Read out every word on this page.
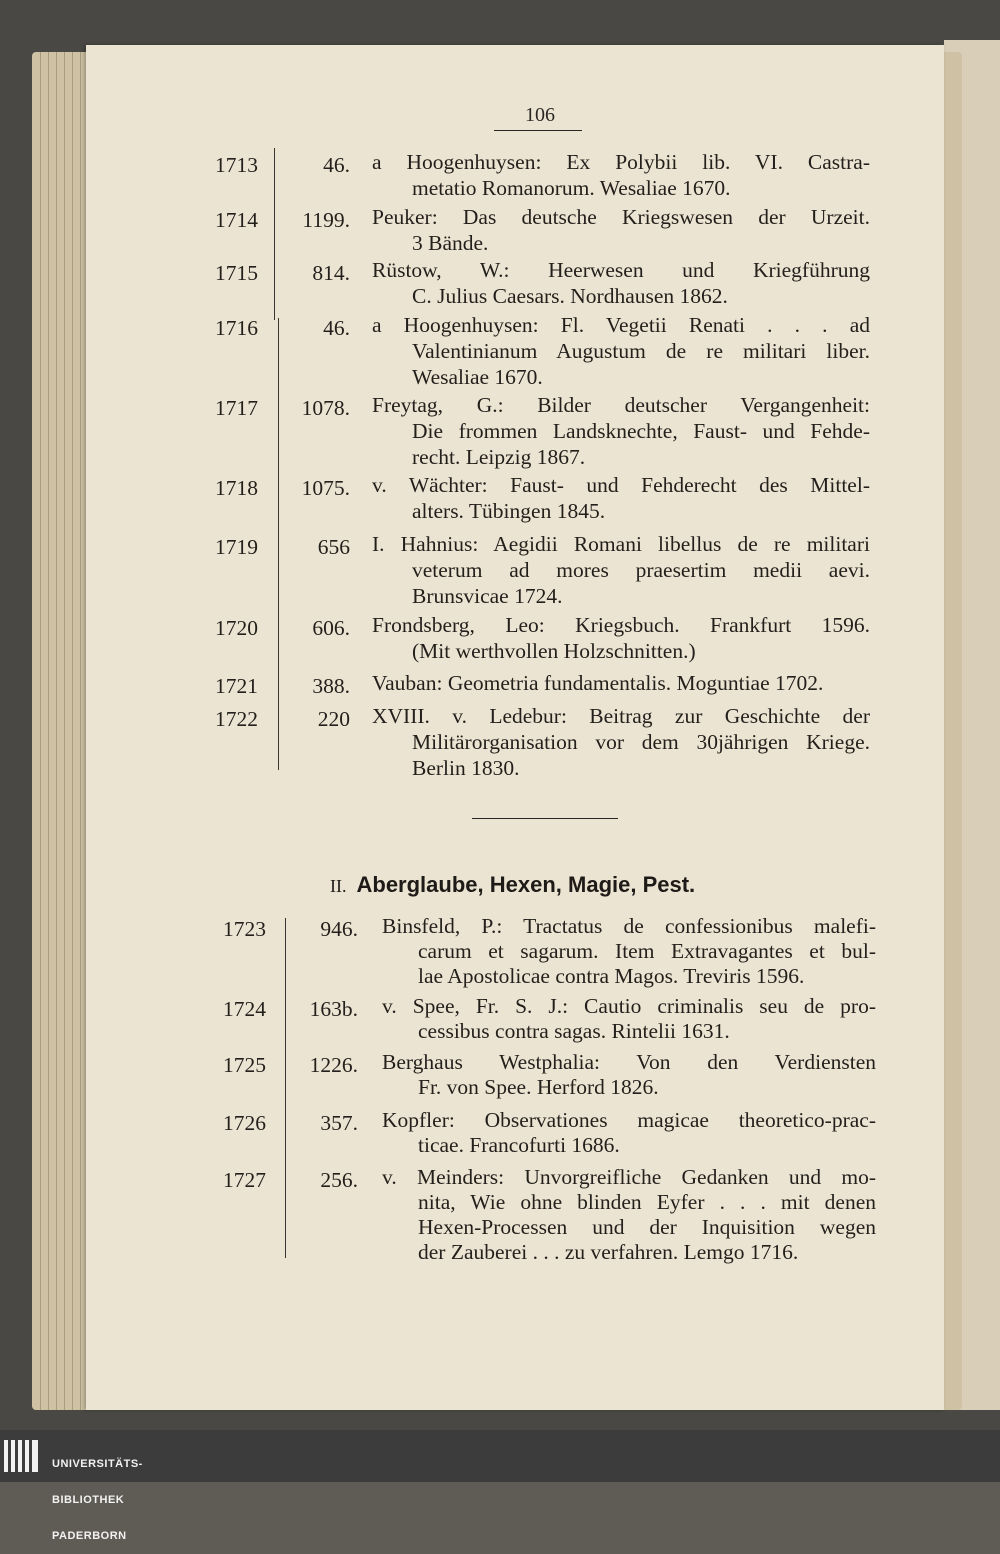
106
1713	46. a Hoogenhuysen: Ex Polybii lib. VI. Castra-
metatio Romanorum. Wesaliae 1670.
1714	1199. Peuker: Das deutsche Kriegswesen der Urzeit.
3 Bände.
1715	814. Rüstow, W.: Heerwesen und Kriegführung
C. Julius Caesars. Nordhausen 1862.
1716	46. a Hoogenhuysen: Fl. Vegetii Renati . . . ad
Valentinianum Augustum de re militari liber.
Wesaliae 1670.
1717	1078. Freytag, G.: Bilder deutscher Vergangenheit:
Die frommen Landsknechte, Faust- und Fehde-
recht. Leipzig 1867.
1718	1075. v. Wächter: Faust- und Fehderecht des Mittel-
alters. Tübingen 1845.
1719	656 I. Hahnius: Aegidii Romani libellus de re militari
veterum ad mores praesertim medii aevi.
Brunsvicae 1724.
1720	606. Frondsberg, Leo: Kriegsbuch. Frankfurt 1596.
(Mit werthvollen Holzschnitten.)
1721	388. Vauban: Geometria fundamentalis. Moguntiae 1702.
1722	220 XVIII. v. Ledebur: Beitrag zur Geschichte der
Militärorganisation vor dem 30jährigen Kriege.
Berlin 1830.
II. Aberglaube, Hexen, Magie, Pest.
1723	946. Binsfeld, P.: Tractatus de confessionibus malefi-
carum et sagarum. Item Extravagantes et bul-
lae Apostolicae contra Magos. Treviris 1596.
1724	163b. v. Spee, Fr. S. J.: Cautio criminalis seu de pro-
cessibus contra sagas. Rintelii 1631.
1725	1226. Berghaus Westphalia: Von den Verdiensten
Fr. von Spee. Herford 1826.
1726	357. Kopfler: Observationes magicae theoretico-prac-
ticae. Francofurti 1686.
1727	256. v. Meinders: Unvorgreifliche Gedanken und mo-
nita, Wie ohne blinden Eyfer . . . mit denen
Hexen-Processen und der Inquisition wegen
der Zauberei . . . zu verfahren. Lemgo 1716.

UNIVERSITÄTS-

BIBLIOTHEK

PADERBORN
